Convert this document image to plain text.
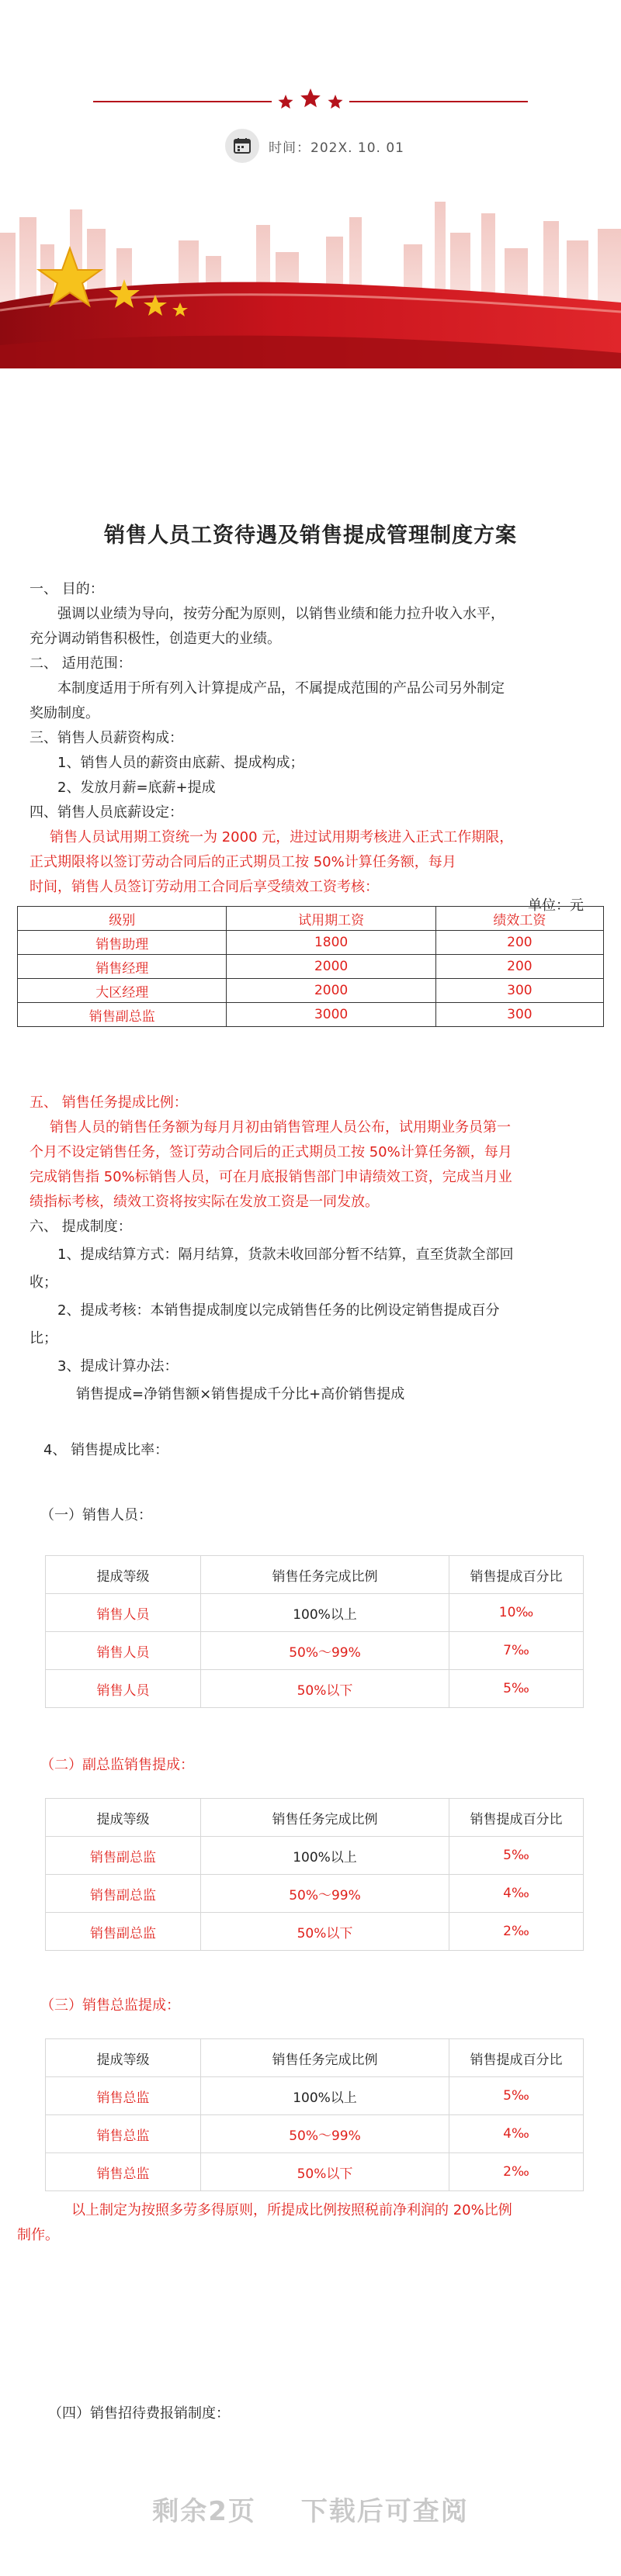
时间：202X. 10. 01
销售人员工资待遇及销售提成管理制度方案
一、 目的：
强调以业绩为导向，按劳分配为原则，以销售业绩和能力拉升收入水平，
充分调动销售积极性，创造更大的业绩。
二、 适用范围：
本制度适用于所有列入计算提成产品，不属提成范围的产品公司另外制定
奖励制度。
三、销售人员薪资构成：
1、销售人员的薪资由底薪、提成构成；
2、发放月薪=底薪+提成
四、销售人员底薪设定：
销售人员试用期工资统一为 2000 元，进过试用期考核进入正式工作期限，
正式期限将以签订劳动合同后的正式期员工按 50%计算任务额，每月
时间，销售人员签订劳动用工合同后享受绩效工资考核：
单位：元
级别	试用期工资	绩效工资
销售助理	1800	200
销售经理	2000	200
大区经理	2000	300
销售副总监	3000	300
五、 销售任务提成比例：
销售人员的销售任务额为每月月初由销售管理人员公布，试用期业务员第一
个月不设定销售任务，签订劳动合同后的正式期员工按 50%计算任务额，每月
完成销售指 50%标销售人员，可在月底报销售部门申请绩效工资，完成当月业
绩指标考核，绩效工资将按实际在发放工资是一同发放。
六、 提成制度：
1、提成结算方式：隔月结算，货款未收回部分暂不结算，直至货款全部回
收；
2、提成考核：本销售提成制度以完成销售任务的比例设定销售提成百分
比；
3、提成计算办法：
销售提成=净销售额×销售提成千分比+高价销售提成
4、 销售提成比率：
（一）销售人员：
提成等级	销售任务完成比例	销售提成百分比
销售人员	100%以上	10‰
销售人员	50%～99%	7‰
销售人员	50%以下	5‰
（二）副总监销售提成：
提成等级	销售任务完成比例	销售提成百分比
销售副总监	100%以上	5‰
销售副总监	50%～99%	4‰
销售副总监	50%以下	2‰
（三）销售总监提成：
提成等级	销售任务完成比例	销售提成百分比
销售总监	100%以上	5‰
销售总监	50%～99%	4‰
销售总监	50%以下	2‰
以上制定为按照多劳多得原则，所提成比例按照税前净利润的 20%比例
制作。
（四）销售招待费报销制度：
剩余2页 下载后可查阅
